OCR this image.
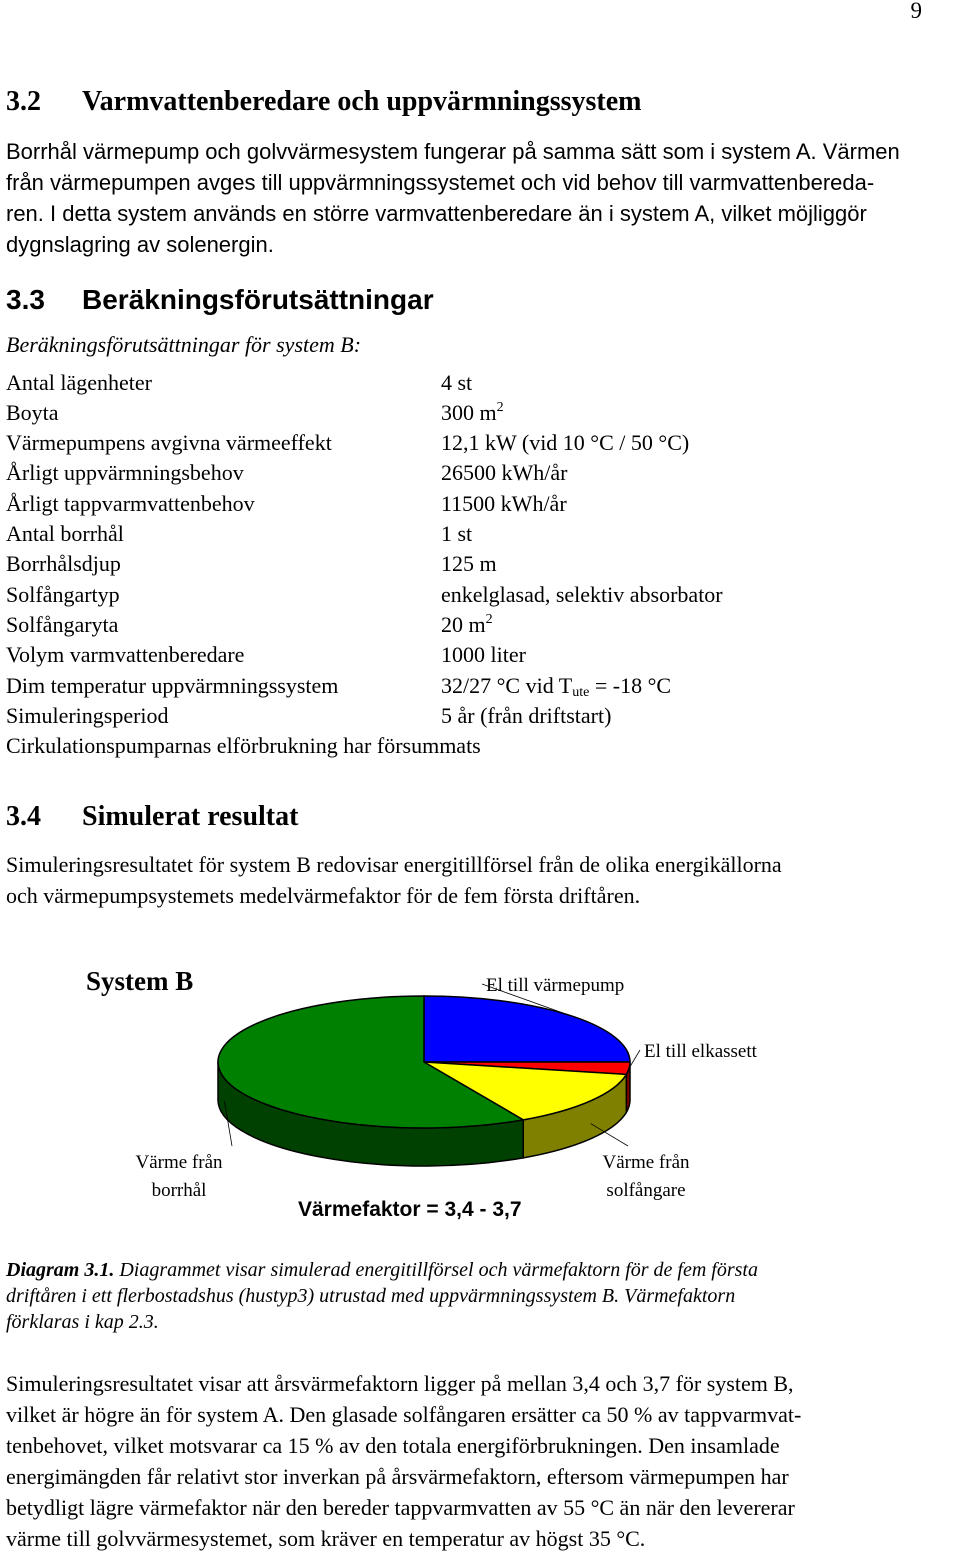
9
3.2 Varmvattenberedare och uppvärmningssystem
Borrhål värmepump och golvvärmesystem fungerar på samma sätt som i system A. Värmen
från värmepumpen avges till uppvärmningssystemet och vid behov till varmvattenbereda-
ren. I detta system används en större varmvattenberedare än i system A, vilket möjliggör
dygnslagring av solenergin.
3.3 Beräkningsförutsättningar
Beräkningsförutsättningar för system B:
Antal lägenheter	4 st
Boyta	300 $m^2$
Värmepumpens avgivna värmeeffekt	12,1 kW (vid 10 °C / 50 °C)
Årligt uppvärmningsbehov	26500 kWh/år
Årligt tappvarmvattenbehov	11500 kWh/år
Antal borrhål	1 st
Borrhålsdjup	125 m
Solfångartyp	enkelglasad, selektiv absorbator
Solfångaryta	20 $m^2$
Volym varmvattenberedare	1000 liter
Dim temperatur uppvärmningssystem	32/27 °C vid $T_{ute} = -18$ °C
Simuleringsperiod	5 år (från driftstart)
Cirkulationspumparnas elförbrukning har försummats
3.4 Simulerat resultat
Simuleringsresultatet för system B redovisar energitillförsel från de olika energikällorna
och värmepumpsystemets medelvärmefaktor för de fem första driftåren.
System B	El till värmepump
El till elkassett
Värme från
solfångare
Värme från
borrhål
Värmefaktor = 3,4 - 3,7
Diagram 3.1. Diagrammet visar simulerad energitillförsel och värmefaktorn för de fem första
driftåren i ett flerbostadshus (hustyp3) utrustad med uppvärmningssystem B. Värmefaktorn
förklaras i kap 2.3.
Simuleringsresultatet visar att årsvärmefaktorn ligger på mellan 3,4 och 3,7 för system B,
vilket är högre än för system A. Den glasade solfångaren ersätter ca 50 % av tappvarmvat-
tenbehovet, vilket motsvarar ca 15 % av den totala energiförbrukningen. Den insamlade
energimängden får relativt stor inverkan på årsvärmefaktorn, eftersom värmepumpen har
betydligt lägre värmefaktor när den bereder tappvarmvatten av 55 °C än när den levererar
värme till golvvärmesystemet, som kräver en temperatur av högst 35 °C.
